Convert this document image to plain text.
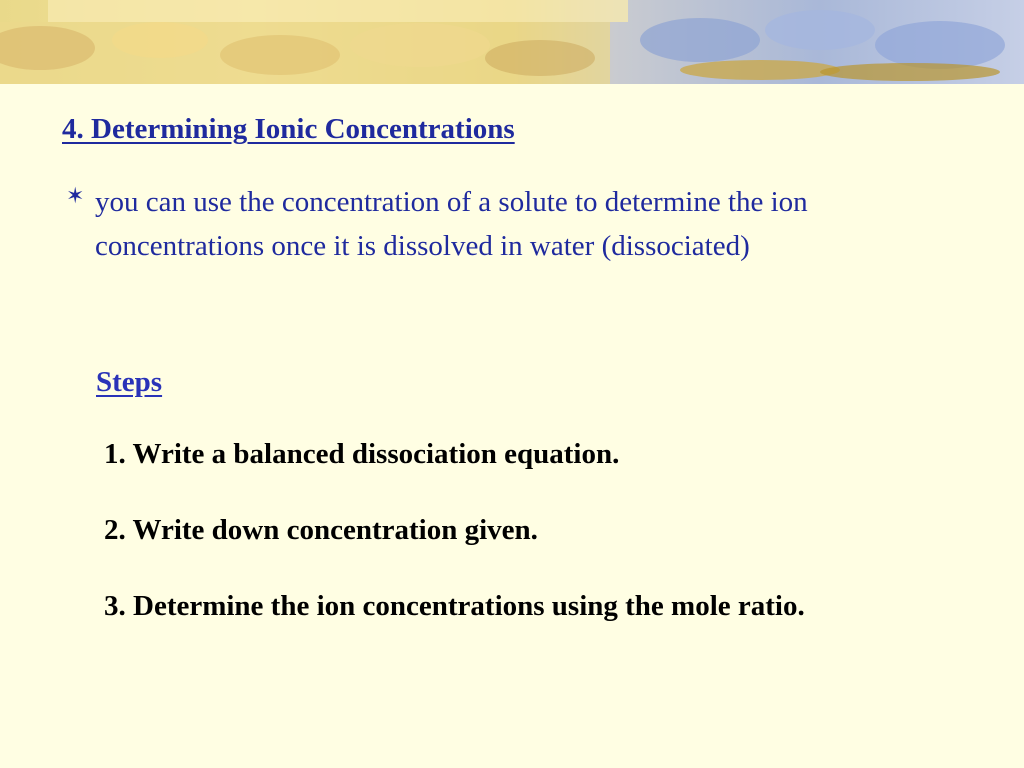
4. Determining Ionic Concentrations
✶ you can use the concentration of a solute to determine the ion concentrations once it is dissolved in water (dissociated)

Steps

1. Write a balanced dissociation equation.

2. Write down concentration given.

3. Determine the ion concentrations using the mole ratio.
